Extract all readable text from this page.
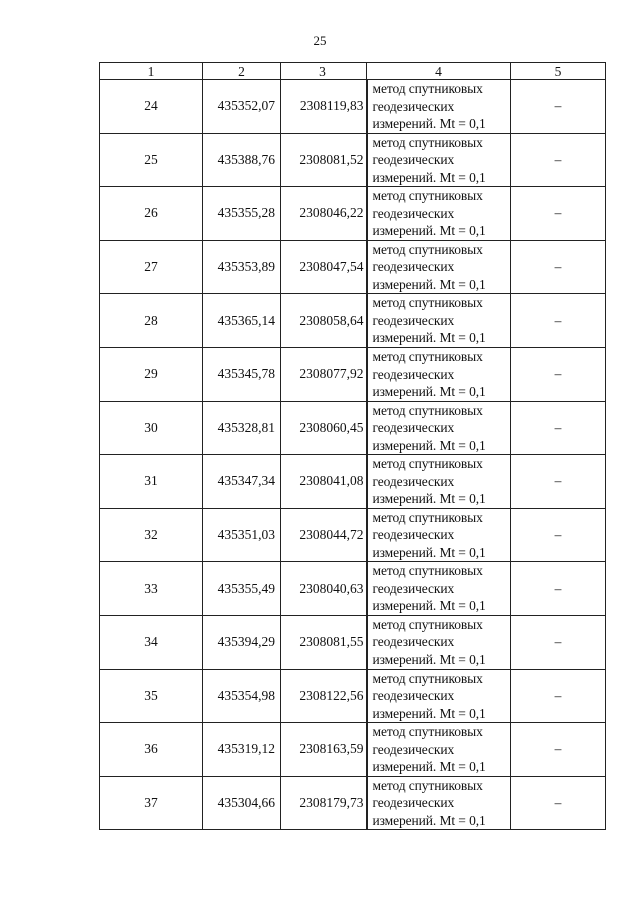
25
1	2	3	4	5
24	435352,07	2308119,83	метод спутниковых
геодезических
измерений. Mt = 0,1	–
25	435388,76	2308081,52	метод спутниковых
геодезических
измерений. Mt = 0,1	–
26	435355,28	2308046,22	метод спутниковых
геодезических
измерений. Mt = 0,1	–
27	435353,89	2308047,54	метод спутниковых
геодезических
измерений. Mt = 0,1	–
28	435365,14	2308058,64	метод спутниковых
геодезических
измерений. Mt = 0,1	–
29	435345,78	2308077,92	метод спутниковых
геодезических
измерений. Mt = 0,1	–
30	435328,81	2308060,45	метод спутниковых
геодезических
измерений. Mt = 0,1	–
31	435347,34	2308041,08	метод спутниковых
геодезических
измерений. Mt = 0,1	–
32	435351,03	2308044,72	метод спутниковых
геодезических
измерений. Mt = 0,1	–
33	435355,49	2308040,63	метод спутниковых
геодезических
измерений. Mt = 0,1	–
34	435394,29	2308081,55	метод спутниковых
геодезических
измерений. Mt = 0,1	–
35	435354,98	2308122,56	метод спутниковых
геодезических
измерений. Mt = 0,1	–
36	435319,12	2308163,59	метод спутниковых
геодезических
измерений. Mt = 0,1	–
37	435304,66	2308179,73	метод спутниковых
геодезических
измерений. Mt = 0,1	–
